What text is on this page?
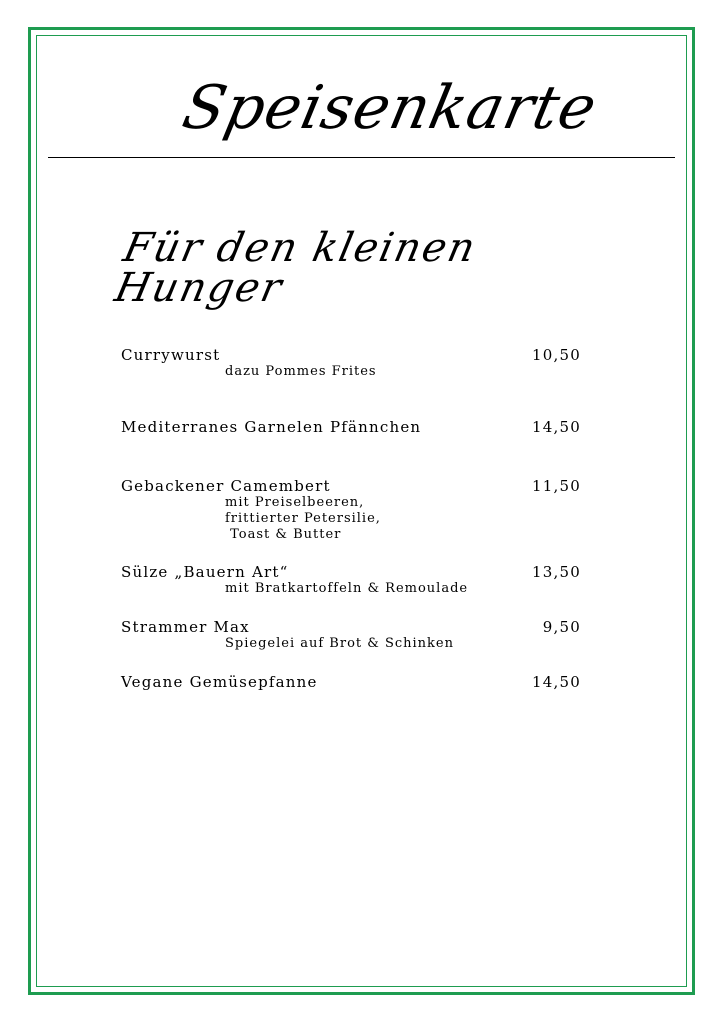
Speisenkarte
Für den kleinen Hunger
Currywurst	10,50
dazu Pommes Frites
Mediterranes Garnelen Pfännchen	14,50
Gebackener Camembert	11,50
mit Preiselbeeren,
frittierter Petersilie,
Toast & Butter
Sülze „Bauern Art“	13,50
mit Bratkartoffeln & Remoulade
Strammer Max	9,50
Spiegelei auf Brot & Schinken
Vegane Gemüsepfanne	14,50
